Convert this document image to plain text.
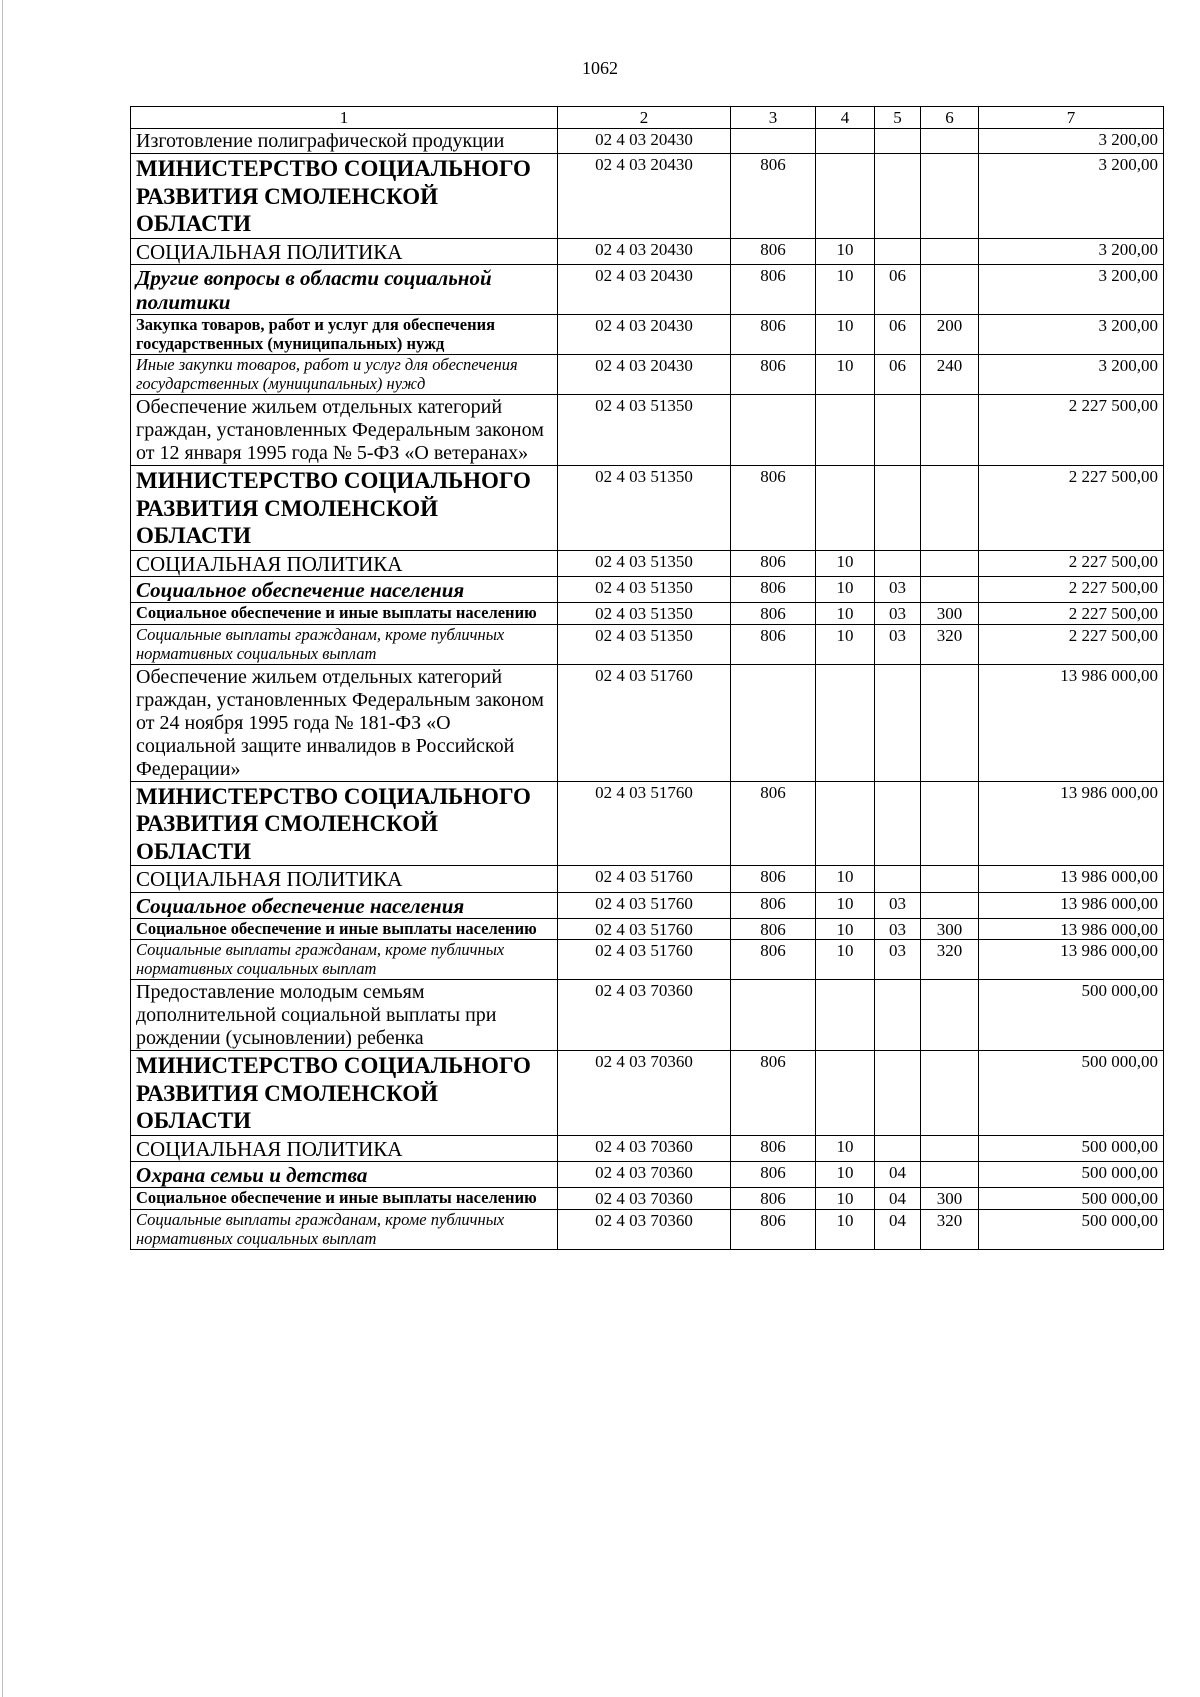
1062
1	2	3	4	5	6	7
Изготовление полиграфической продукции	02 4 03 20430					3 200,00
МИНИСТЕРСТВО СОЦИАЛЬНОГО РАЗВИТИЯ СМОЛЕНСКОЙ ОБЛАСТИ	02 4 03 20430	806				3 200,00
СОЦИАЛЬНАЯ ПОЛИТИКА	02 4 03 20430	806	10			3 200,00
Другие вопросы в области социальной политики	02 4 03 20430	806	10	06		3 200,00
Закупка товаров, работ и услуг для обеспечения государственных (муниципальных) нужд	02 4 03 20430	806	10	06	200	3 200,00
Иные закупки товаров, работ и услуг для обеспечения государственных (муниципальных) нужд	02 4 03 20430	806	10	06	240	3 200,00
Обеспечение жильем отдельных категорий граждан, установленных Федеральным законом от 12 января 1995 года № 5-ФЗ «О ветеранах»	02 4 03 51350					2 227 500,00
МИНИСТЕРСТВО СОЦИАЛЬНОГО РАЗВИТИЯ СМОЛЕНСКОЙ ОБЛАСТИ	02 4 03 51350	806				2 227 500,00
СОЦИАЛЬНАЯ ПОЛИТИКА	02 4 03 51350	806	10			2 227 500,00
Социальное обеспечение населения	02 4 03 51350	806	10	03		2 227 500,00
Социальное обеспечение и иные выплаты населению	02 4 03 51350	806	10	03	300	2 227 500,00
Социальные выплаты гражданам, кроме публичных нормативных социальных выплат	02 4 03 51350	806	10	03	320	2 227 500,00
Обеспечение жильем отдельных категорий граждан, установленных Федеральным законом от 24 ноября 1995 года № 181-ФЗ «О социальной защите инвалидов в Российской Федерации»	02 4 03 51760					13 986 000,00
МИНИСТЕРСТВО СОЦИАЛЬНОГО РАЗВИТИЯ СМОЛЕНСКОЙ ОБЛАСТИ	02 4 03 51760	806				13 986 000,00
СОЦИАЛЬНАЯ ПОЛИТИКА	02 4 03 51760	806	10			13 986 000,00
Социальное обеспечение населения	02 4 03 51760	806	10	03		13 986 000,00
Социальное обеспечение и иные выплаты населению	02 4 03 51760	806	10	03	300	13 986 000,00
Социальные выплаты гражданам, кроме публичных нормативных социальных выплат	02 4 03 51760	806	10	03	320	13 986 000,00
Предоставление молодым семьям дополнительной социальной выплаты при рождении (усыновлении) ребенка	02 4 03 70360					500 000,00
МИНИСТЕРСТВО СОЦИАЛЬНОГО РАЗВИТИЯ СМОЛЕНСКОЙ ОБЛАСТИ	02 4 03 70360	806				500 000,00
СОЦИАЛЬНАЯ ПОЛИТИКА	02 4 03 70360	806	10			500 000,00
Охрана семьи и детства	02 4 03 70360	806	10	04		500 000,00
Социальное обеспечение и иные выплаты населению	02 4 03 70360	806	10	04	300	500 000,00
Социальные выплаты гражданам, кроме публичных нормативных социальных выплат	02 4 03 70360	806	10	04	320	500 000,00
